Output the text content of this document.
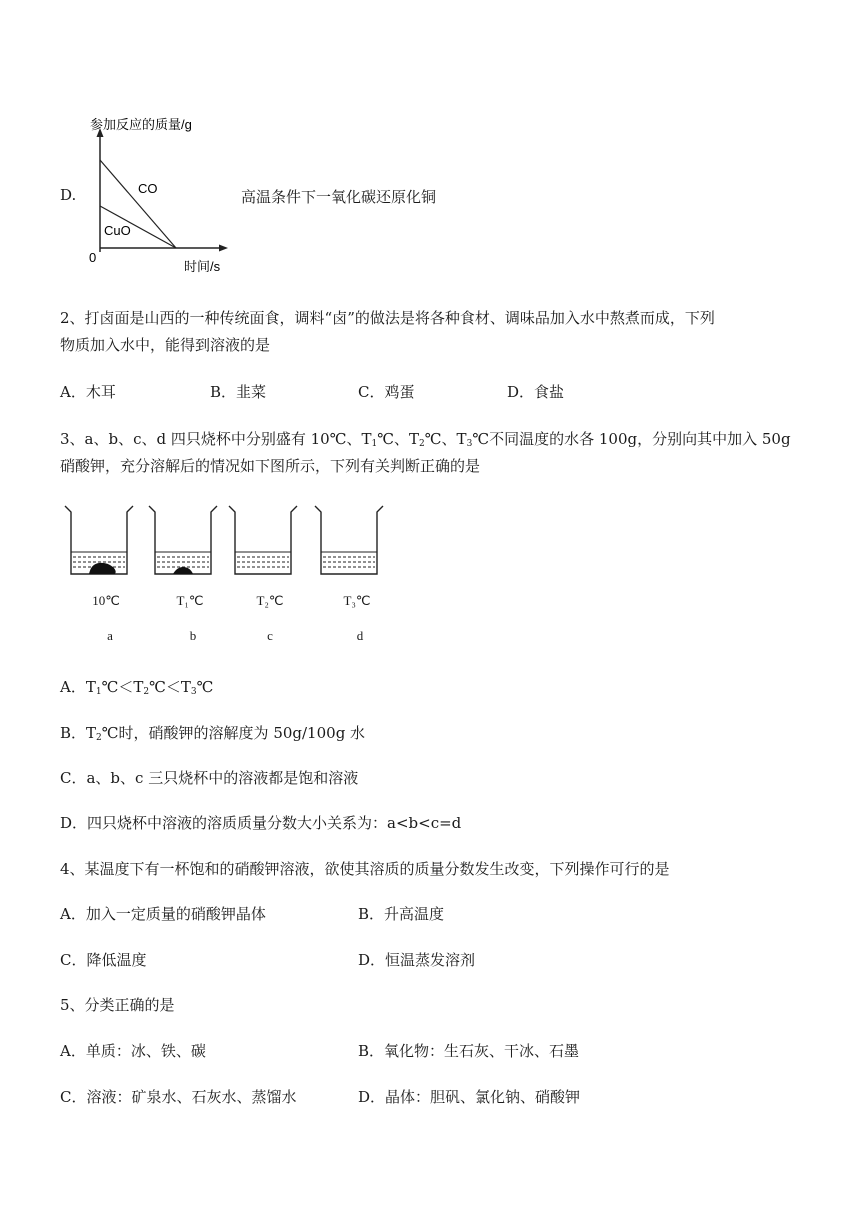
D.
参加反应的质量/g
CO
CuO
0
时间/s
高温条件下一氧化碳还原化铜
2、打卤面是山西的一种传统面食，调料“卤”的做法是将各种食材、调味品加入水中熬煮而成，下列
物质加入水中，能得到溶液的是
A．木耳	B．韭菜	C．鸡蛋	D．食盐
3、a、b、c、d 四只烧杯中分别盛有 10℃、$T_1℃$、$T_2℃$、$T_3℃$不同温度的水各 100g，分别向其中加入 50g
硝酸钾，充分溶解后的情况如下图所示，下列有关判断正确的是
10℃	T₁℃	T₂℃	T₃℃
a	b	c	d
A．$T_1℃<T_2℃<T_3℃$
B．$T_2℃$时，硝酸钾的溶解度为 50g/100g 水
C．a、b、c 三只烧杯中的溶液都是饱和溶液
D．四只烧杯中溶液的溶质质量分数大小关系为：a<b<c=d
4、某温度下有一杯饱和的硝酸钾溶液，欲使其溶质的质量分数发生改变，下列操作可行的是
A．加入一定质量的硝酸钾晶体	B．升高温度
C．降低温度	D．恒温蒸发溶剂
5、分类正确的是
A．单质：冰、铁、碳	B．氧化物：生石灰、干冰、石墨
C．溶液：矿泉水、石灰水、蒸馏水	D．晶体：胆矾、氯化钠、硝酸钾
